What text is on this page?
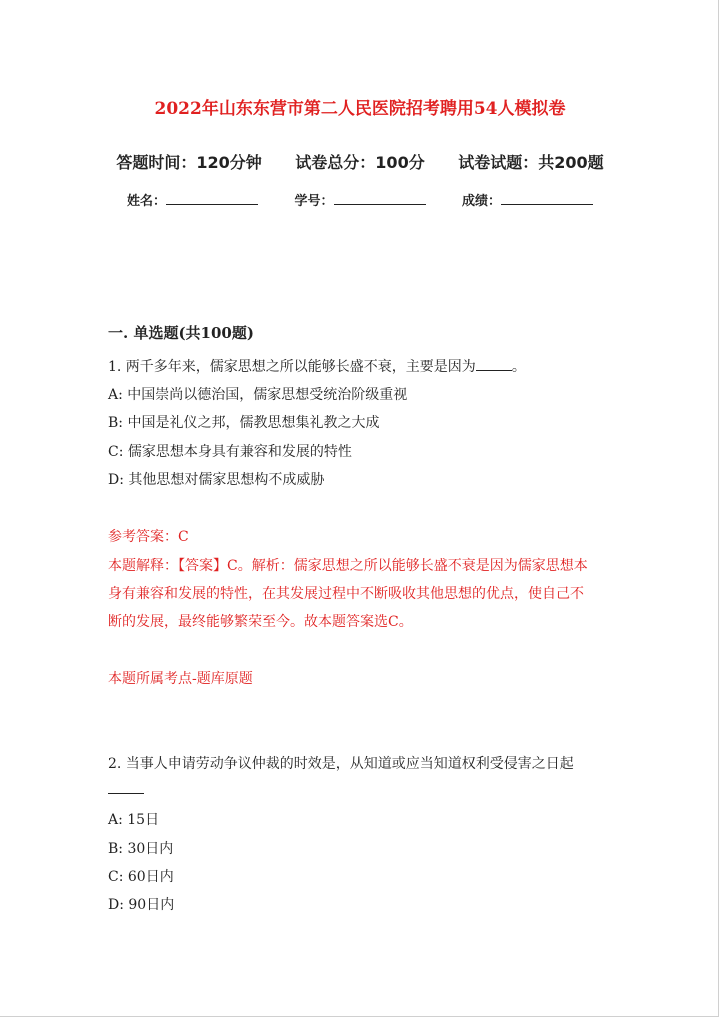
2022年山东东营市第二人民医院招考聘用54人模拟卷
答题时间：120分钟 试卷总分：100分 试卷试题：共200题
姓名：	学号：	成绩：
一. 单选题(共100题)
1. 两千多年来，儒家思想之所以能够长盛不衰，主要是因为	。
A: 中国崇尚以德治国，儒家思想受统治阶级重视
B: 中国是礼仪之邦，儒教思想集礼教之大成
C: 儒家思想本身具有兼容和发展的特性
D: 其他思想对儒家思想构不成威胁
参考答案：C
本题解释：【答案】C。解析：儒家思想之所以能够长盛不衰是因为儒家思想本
身有兼容和发展的特性，在其发展过程中不断吸收其他思想的优点，使自己不
断的发展，最终能够繁荣至今。故本题答案选C。
本题所属考点-题库原题
2. 当事人申请劳动争议仲裁的时效是，从知道或应当知道权利受侵害之日起
A: 15日
B: 30日内
C: 60日内
D: 90日内
